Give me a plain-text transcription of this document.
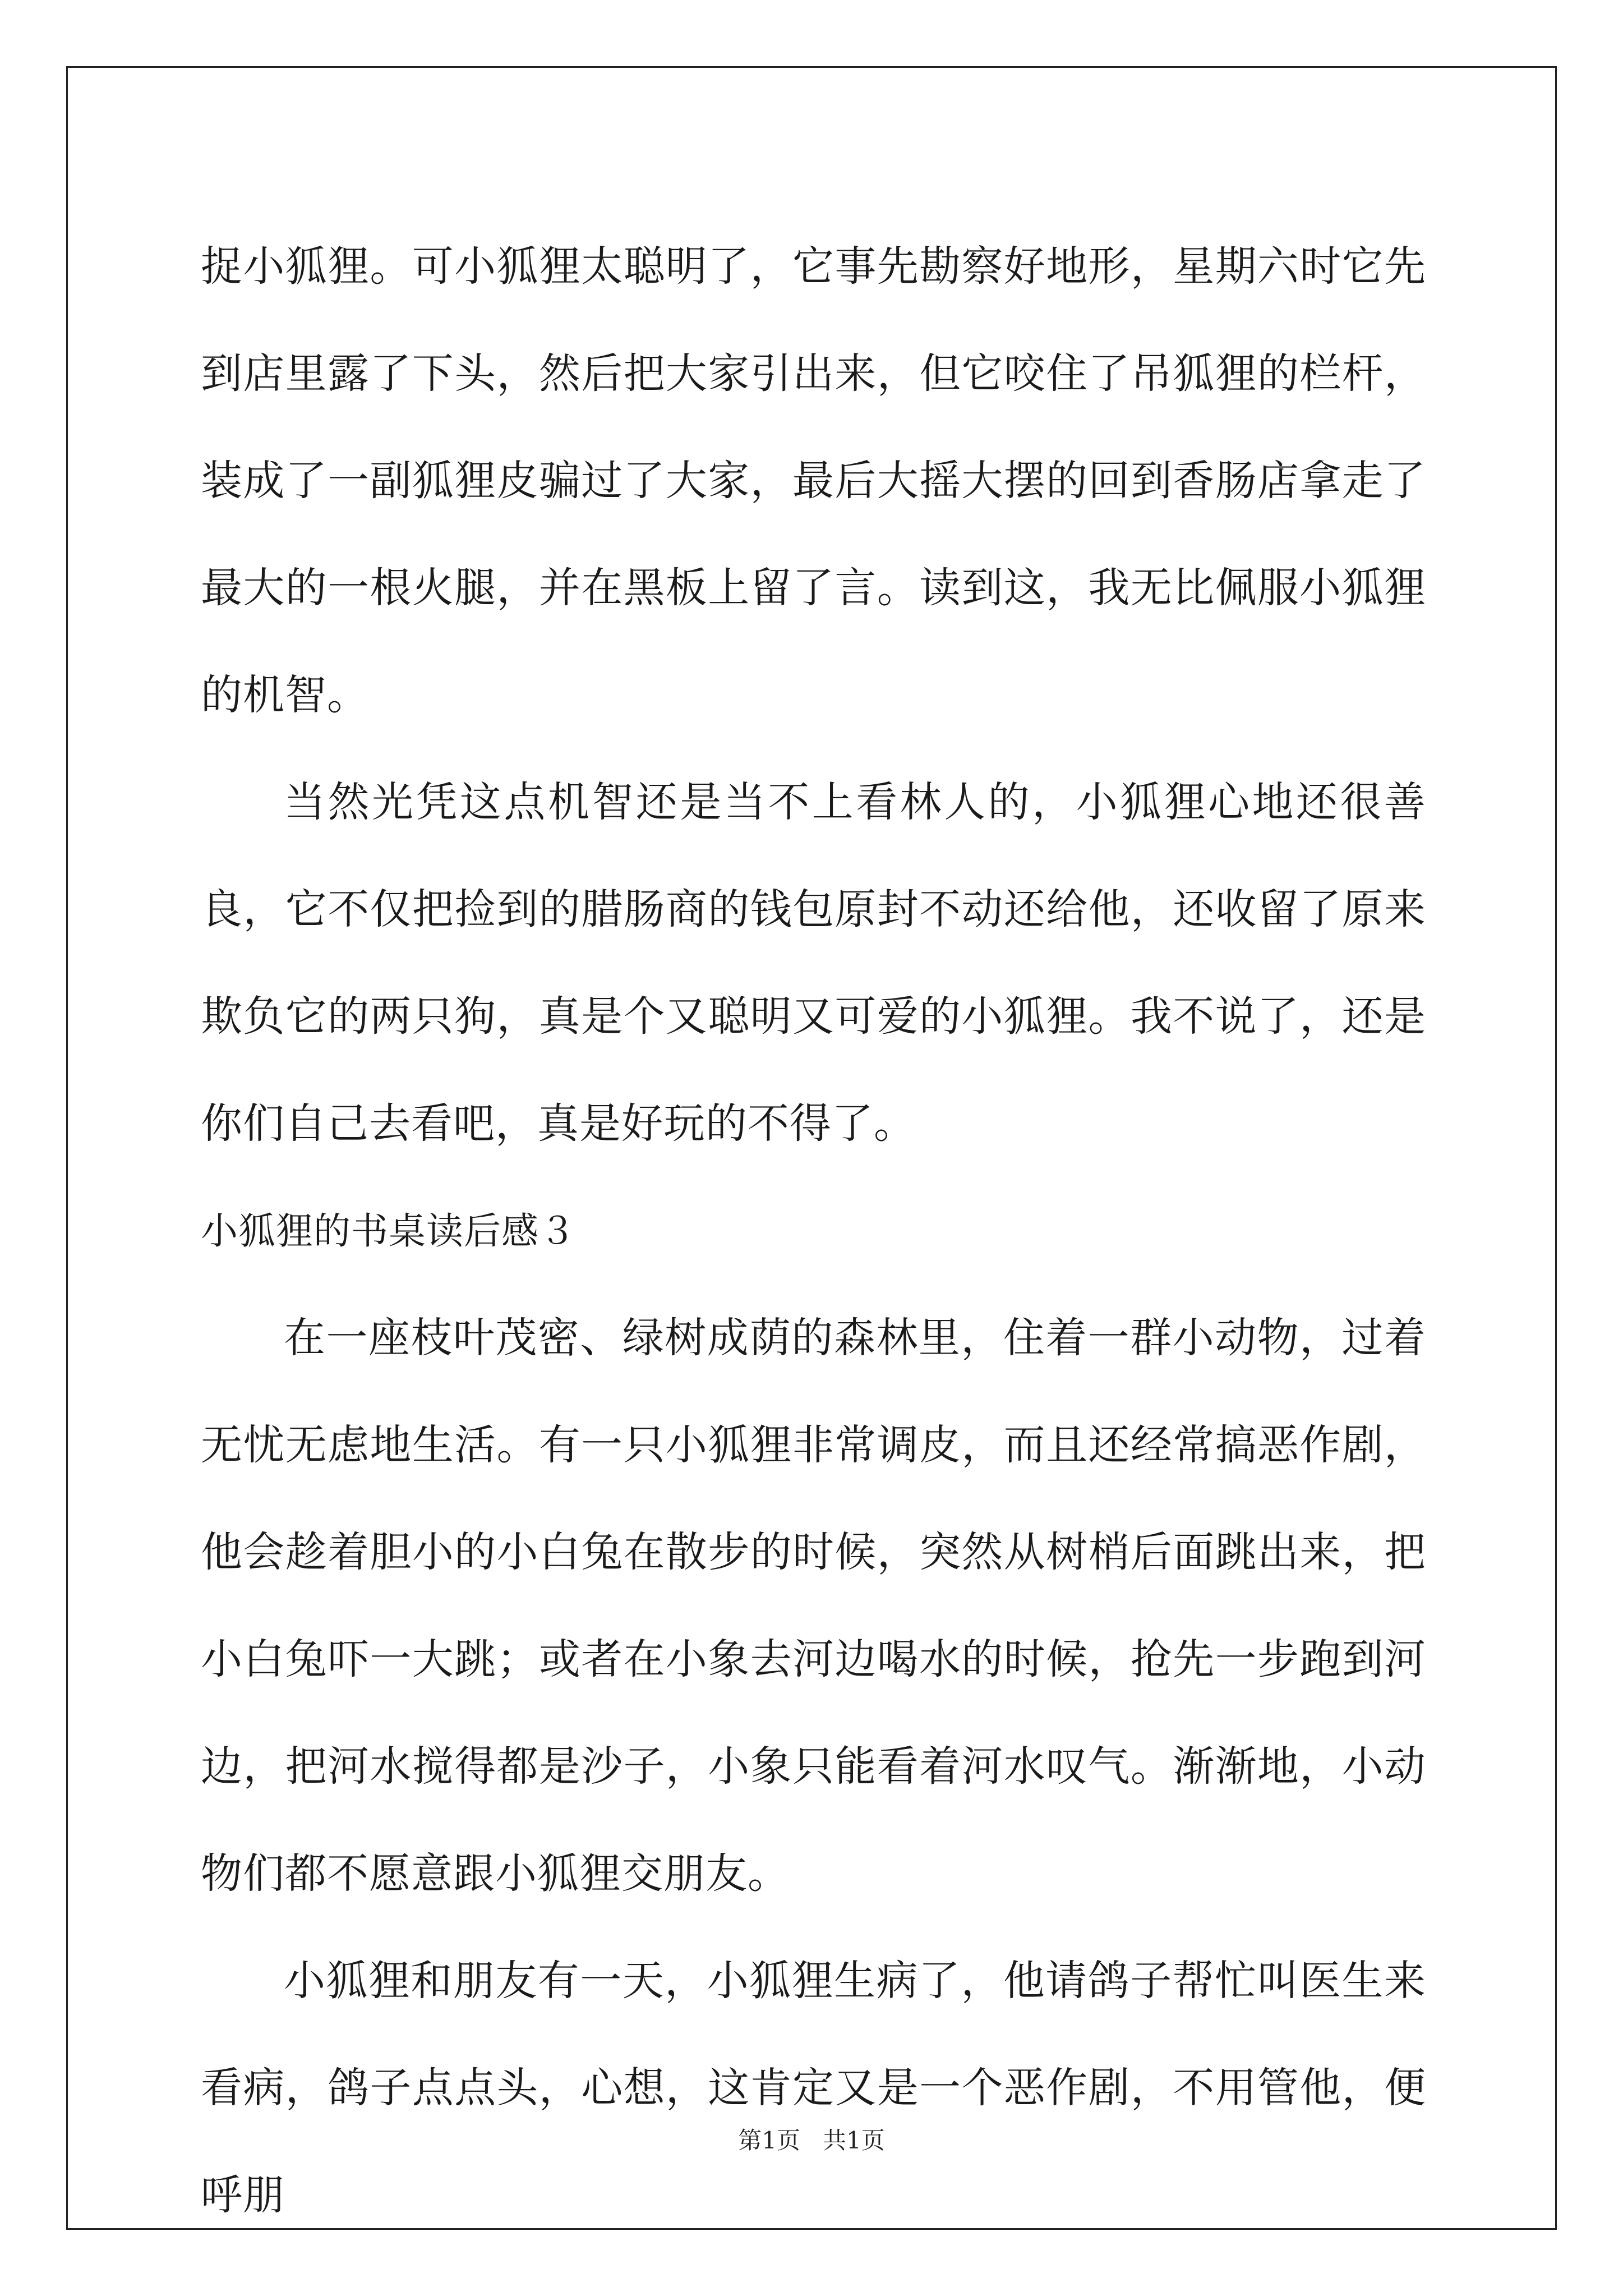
捉小狐狸。可小狐狸太聪明了，它事先勘察好地形，星期六时它先到店里露了下头，然后把大家引出来，但它咬住了吊狐狸的栏杆，装成了一副狐狸皮骗过了大家，最后大摇大摆的回到香肠店拿走了最大的一根火腿，并在黑板上留了言。读到这，我无比佩服小狐狸的机智。

当然光凭这点机智还是当不上看林人的，小狐狸心地还很善良，它不仅把捡到的腊肠商的钱包原封不动还给他，还收留了原来欺负它的两只狗，真是个又聪明又可爱的小狐狸。我不说了，还是你们自己去看吧，真是好玩的不得了。

小狐狸的书桌读后感３

在一座枝叶茂密、绿树成荫的森林里，住着一群小动物，过着无忧无虑地生活。有一只小狐狸非常调皮，而且还经常搞恶作剧，他会趁着胆小的小白兔在散步的时候，突然从树梢后面跳出来，把小白兔吓一大跳；或者在小象去河边喝水的时候，抢先一步跑到河边，把河水搅得都是沙子，小象只能看着河水叹气。渐渐地，小动物们都不愿意跟小狐狸交朋友。

小狐狸和朋友有一天，小狐狸生病了，他请鸽子帮忙叫医生来看病，鸽子点点头，心想，这肯定又是一个恶作剧，不用管他，便呼朋

第1页 共1页
